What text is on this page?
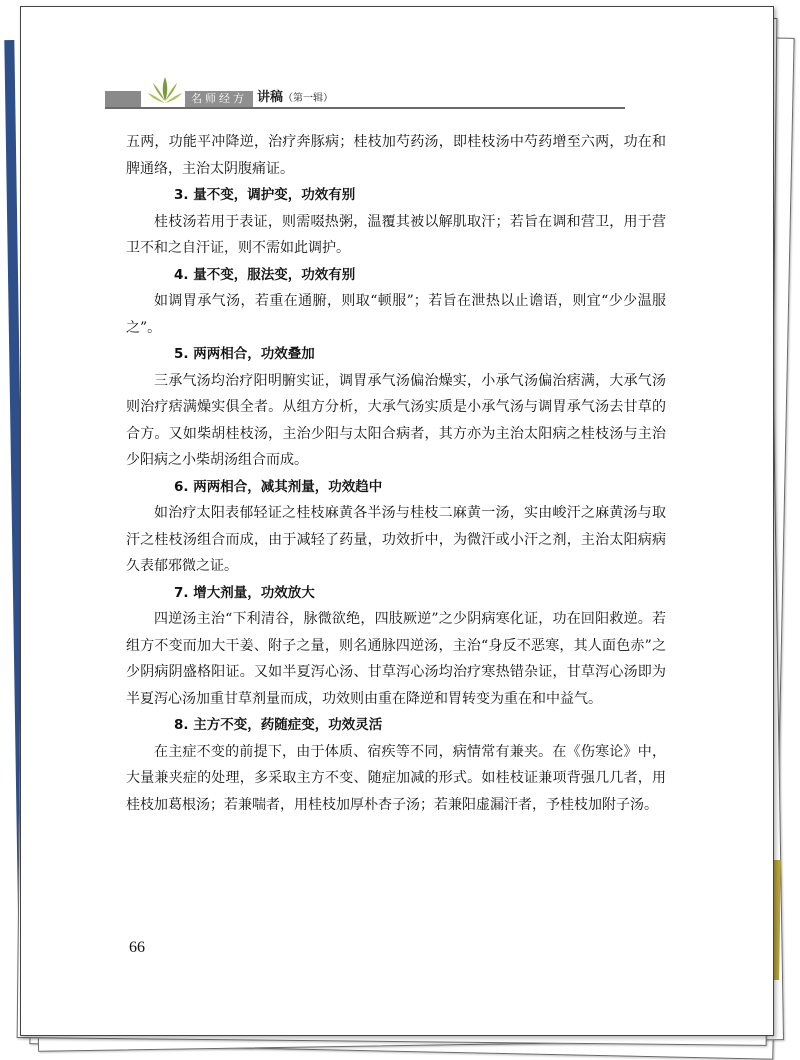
名师经方 讲稿（第一辑）

五两，功能平冲降逆，治疗奔豚病；桂枝加芍药汤，即桂枝汤中芍药增至六两，功在和脾通络，主治太阴腹痛证。

3. 量不变，调护变，功效有别

桂枝汤若用于表证，则需啜热粥，温覆其被以解肌取汗；若旨在调和营卫，用于营卫不和之自汗证，则不需如此调护。

4. 量不变，服法变，功效有别

如调胃承气汤，若重在通腑，则取“顿服”；若旨在泄热以止谵语，则宜“少少温服之”。

5. 两两相合，功效叠加

三承气汤均治疗阳明腑实证，调胃承气汤偏治燥实，小承气汤偏治痞满，大承气汤则治疗痞满燥实俱全者。从组方分析，大承气汤实质是小承气汤与调胃承气汤去甘草的合方。又如柴胡桂枝汤，主治少阳与太阳合病者，其方亦为主治太阳病之桂枝汤与主治少阳病之小柴胡汤组合而成。

6. 两两相合，减其剂量，功效趋中

如治疗太阳表郁轻证之桂枝麻黄各半汤与桂枝二麻黄一汤，实由峻汗之麻黄汤与取汗之桂枝汤组合而成，由于减轻了药量，功效折中，为微汗或小汗之剂，主治太阳病病久表郁邪微之证。

7. 增大剂量，功效放大

四逆汤主治“下利清谷，脉微欲绝，四肢厥逆”之少阴病寒化证，功在回阳救逆。若组方不变而加大干姜、附子之量，则名通脉四逆汤，主治“身反不恶寒，其人面色赤”之少阴病阴盛格阳证。又如半夏泻心汤、甘草泻心汤均治疗寒热错杂证，甘草泻心汤即为半夏泻心汤加重甘草剂量而成，功效则由重在降逆和胃转变为重在和中益气。

8. 主方不变，药随症变，功效灵活

在主症不变的前提下，由于体质、宿疾等不同，病情常有兼夹。在《伤寒论》中，大量兼夹症的处理，多采取主方不变、随症加减的形式。如桂枝证兼项背强几几者，用桂枝加葛根汤；若兼喘者，用桂枝加厚朴杏子汤；若兼阳虚漏汗者，予桂枝加附子汤。

66
